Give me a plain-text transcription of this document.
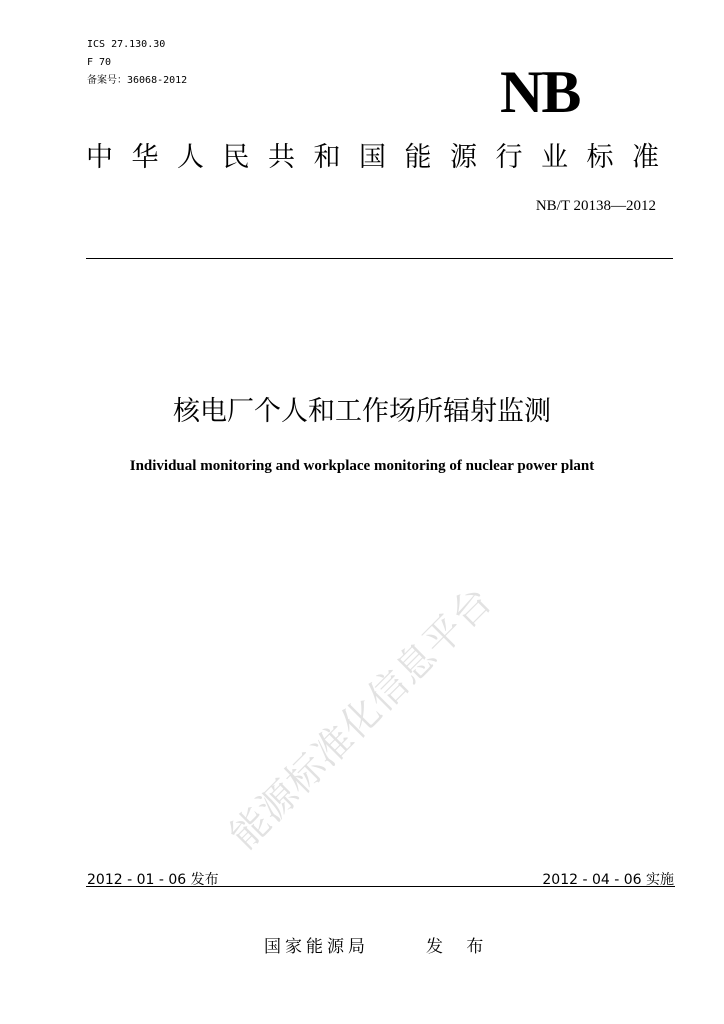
ICS 27.130.30
F 70
备案号：36068-2012	NB
中华人民共和国能源行业标准
NB/T 20138—2012
核电厂个人和工作场所辐射监测
Individual monitoring and workplace monitoring of nuclear power plant
能源标准化信息平台
2012 - 01 - 06 发布	2012 - 04 - 06 实施
国家能源局	发 布
